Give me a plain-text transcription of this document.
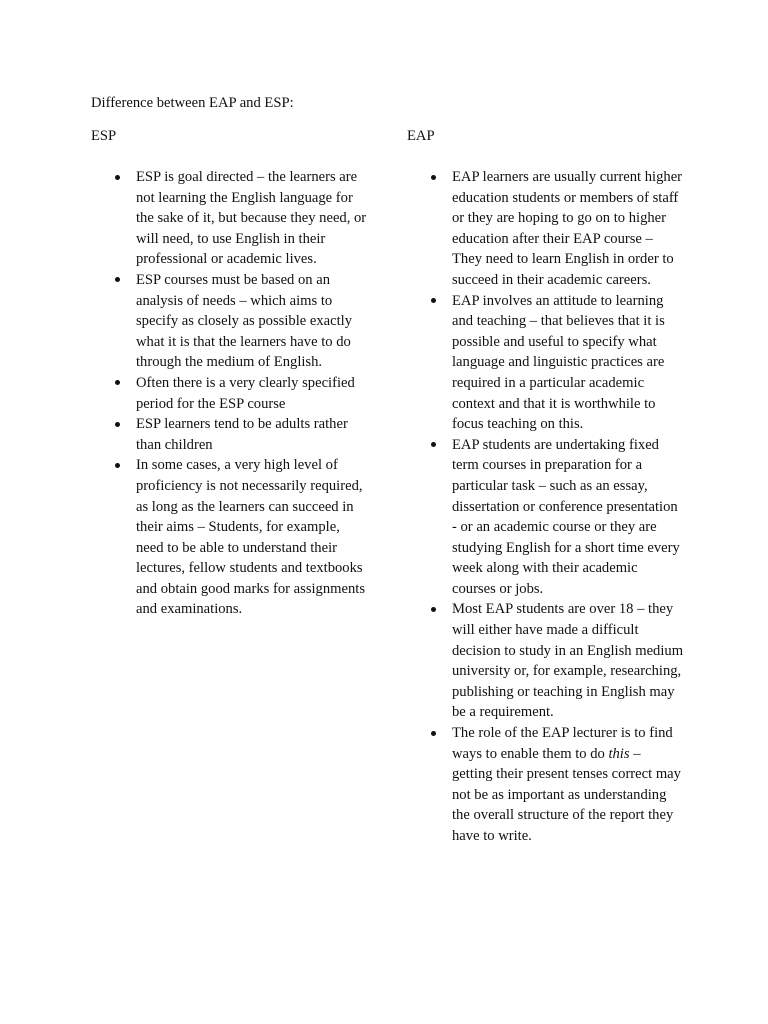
Difference between EAP and ESP:
ESP
ESP is goal directed – the learners are not learning the English language for the sake of it, but because they need, or will need, to use English in their professional or academic lives.
ESP courses must be based on an analysis of needs – which aims to specify as closely as possible exactly what it is that the learners have to do through the medium of English.
Often there is a very clearly specified period for the ESP course
ESP learners tend to be adults rather than children
In some cases, a very high level of proficiency is not necessarily required, as long as the learners can succeed in their aims – Students, for example, need to be able to understand their lectures, fellow students and textbooks and obtain good marks for assignments and examinations.
EAP
EAP learners are usually current higher education students or members of staff or they are hoping to go on to higher education after their EAP course – They need to learn English in order to succeed in their academic careers.
EAP involves an attitude to learning and teaching – that believes that it is possible and useful to specify what language and linguistic practices are required in a particular academic context and that it is worthwhile to focus teaching on this.
EAP students are undertaking fixed term courses in preparation for a particular task – such as an essay, dissertation or conference presentation - or an academic course or they are studying English for a short time every week along with their academic courses or jobs.
Most EAP students are over 18 – they will either have made a difficult decision to study in an English medium university or, for example, researching, publishing or teaching in English may be a requirement.
The role of the EAP lecturer is to find ways to enable them to do this – getting their present tenses correct may not be as important as understanding the overall structure of the report they have to write.
